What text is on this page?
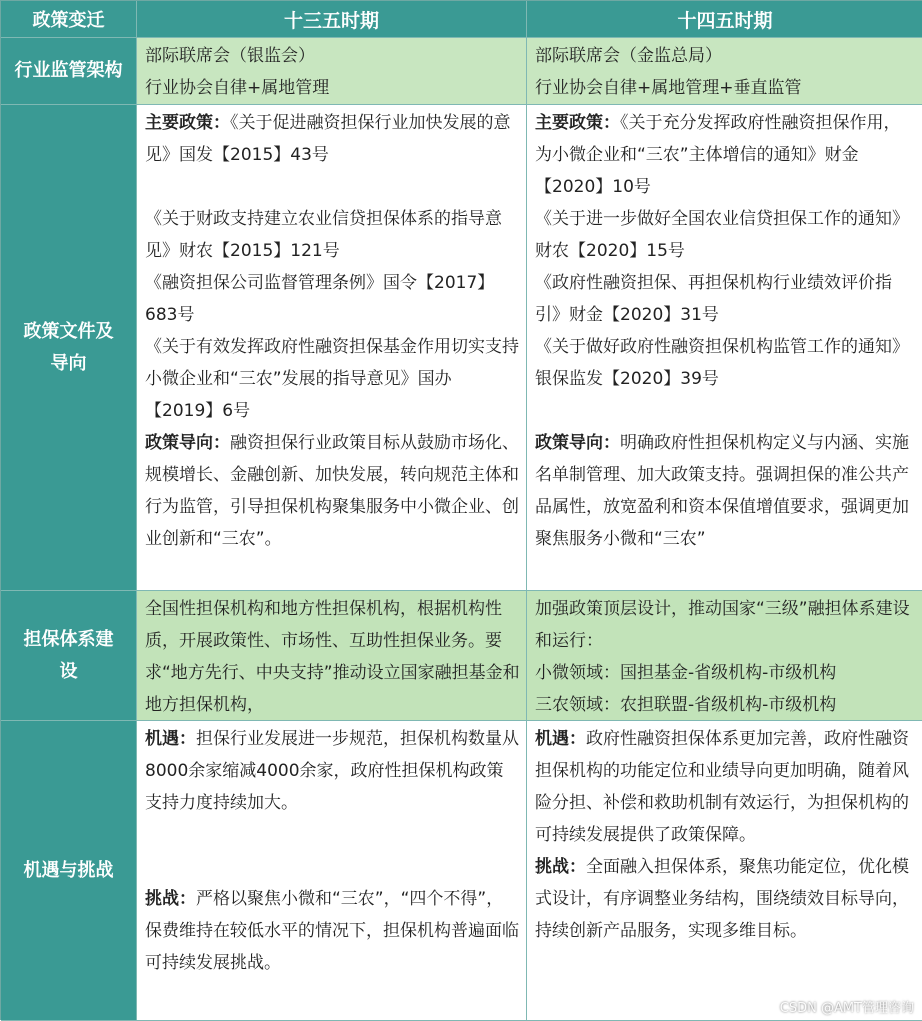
政策变迁	十三五时期	十四五时期
行业监管架构

部际联席会（银监会）

行业协会自律+属地管理

部际联席会（金监总局）

行业协会自律+属地管理+垂直监管

政策文件及
导向

主要政策：《关于促进融资担保行业加快发展的意见》国发【2015】43号

《关于财政支持建立农业信贷担保体系的指导意见》财农【2015】121号

《融资担保公司监督管理条例》国令【2017】683号

《关于有效发挥政府性融资担保基金作用切实支持小微企业和“三农”发展的指导意见》国办【2019】6号

政策导向：融资担保行业政策目标从鼓励市场化、规模增长、金融创新、加快发展，转向规范主体和行为监管，引导担保机构聚集服务中小微企业、创业创新和“三农”。

主要政策：《关于充分发挥政府性融资担保作用，为小微企业和“三农”主体增信的通知》财金【2020】10号

《关于进一步做好全国农业信贷担保工作的通知》财农【2020】15号

《政府性融资担保、再担保机构行业绩效评价指引》财金【2020】31号

《关于做好政府性融资担保机构监管工作的通知》银保监发【2020】39号

政策导向：明确政府性担保机构定义与内涵、实施名单制管理、加大政策支持。强调担保的准公共产品属性，放宽盈利和资本保值增值要求，强调更加聚焦服务小微和“三农”

担保体系建
设

全国性担保机构和地方性担保机构，根据机构性质，开展政策性、市场性、互助性担保业务。要求“地方先行、中央支持”推动设立国家融担基金和地方担保机构，

加强政策顶层设计，推动国家“三级”融担体系建设和运行：

小微领域：国担基金-省级机构-市级机构

三农领域：农担联盟-省级机构-市级机构

机遇与挑战

机遇：担保行业发展进一步规范，担保机构数量从8000余家缩减4000余家，政府性担保机构政策支持力度持续加大。

挑战：严格以聚焦小微和“三农”，“四个不得”，保费维持在较低水平的情况下，担保机构普遍面临可持续发展挑战。

机遇：政府性融资担保体系更加完善，政府性融资担保机构的功能定位和业绩导向更加明确，随着风险分担、补偿和救助机制有效运行，为担保机构的可持续发展提供了政策保障。

挑战：全面融入担保体系，聚焦功能定位，优化模式设计，有序调整业务结构，围绕绩效目标导向，持续创新产品服务，实现多维目标。

CSDN @AMT管理咨询
